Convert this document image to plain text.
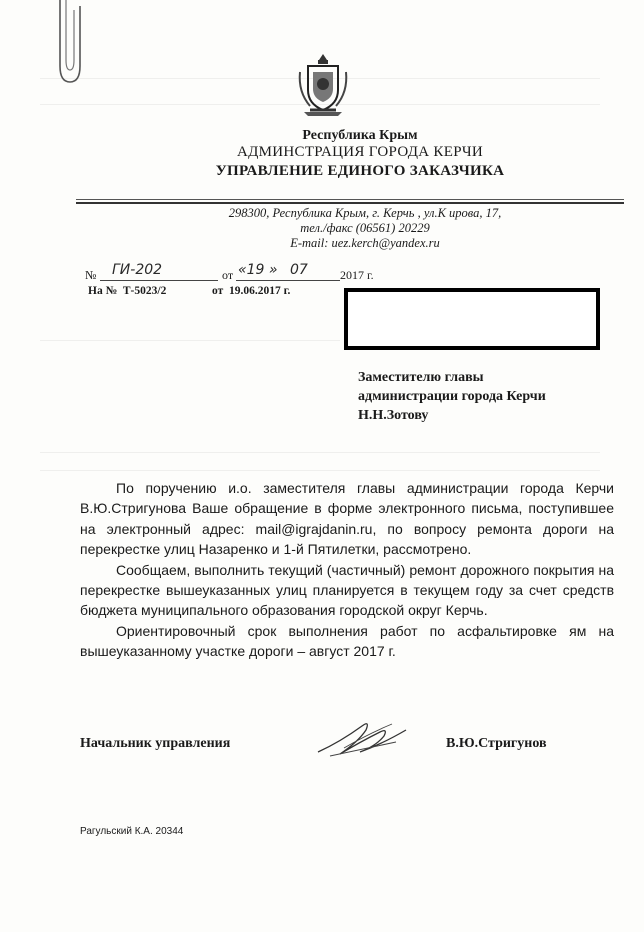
Республика Крым
АДМИНСТРАЦИЯ ГОРОДА КЕРЧИ
УПРАВЛЕНИЕ ЕДИНОГО ЗАКАЗЧИКА
298300, Республика Крым, г. Керчь , ул.К ирова, 17,
тел./факс (06561) 20229
E-mail: uez.kerch@yandex.ru
№ ГИ-202	от «19 » 07	2017 г.
На № Т-5023/2	от 19.06.2017 г.
Заместителю главы
администрации города Керчи
Н.Н.Зотову

По поручению и.о. заместителя главы администрации города Керчи В.Ю.Стригунова Ваше обращение в форме электронного письма, поступившее на электронный адрес: mail@igrajdanin.ru, по вопросу ремонта дороги на перекрестке улиц Назаренко и 1-й Пятилетки, рассмотрено.

Сообщаем, выполнить текущий (частичный) ремонт дорожного покрытия на перекрестке вышеуказанных улиц планируется в текущем году за счет средств бюджета муниципального образования городской округ Керчь.

Ориентировочный срок выполнения работ по асфальтировке ям на вышеуказанному участке дороги – август 2017 г.

Начальник управления	В.Ю.Стригунов
Рагульский К.А. 20344
